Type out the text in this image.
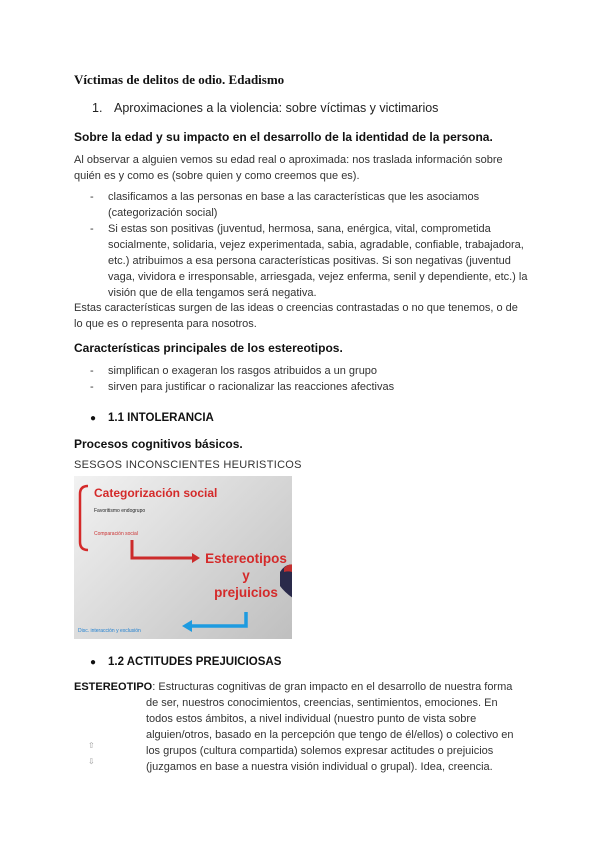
Víctimas de delitos de odio. Edadismo
1. Aproximaciones a la violencia: sobre víctimas y victimarios
Sobre la edad y su impacto en el desarrollo de la identidad de la persona.

Al observar a alguien vemos su edad real o aproximada: nos traslada información sobre quién es y como es (sobre quien y como creemos que es).

- clasificamos a las personas en base a las características que les asociamos (categorización social)
- Si estas son positivas (juventud, hermosa, sana, enérgica, vital, comprometida socialmente, solidaria, vejez experimentada, sabia, agradable, confiable, trabajadora, etc.) atribuimos a esa persona características positivas. Si son negativas (juventud vaga, vividora e irresponsable, arriesgada, vejez enferma, senil y dependiente, etc.) la visión que de ella tengamos será negativa.

Estas características surgen de las ideas o creencias contrastadas o no que tenemos, o de lo que es o representa para nosotros.

Características principales de los estereotipos.
- simplifican o exageran los rasgos atribuidos a un grupo
- sirven para justificar o racionalizar las reacciones afectivas
● 1.1 INTOLERANCIA
Procesos cognitivos básicos.
SESGOS INCONSCIENTES HEURISTICOS
Categorización social
Favoritismo endogrupo
Comparación social
Estereotipos
y
prejuicios
Disc. interacción y exclusión
● 1.2 ACTITUDES PREJUICIOSAS
ESTEREOTIPO: Estructuras cognitivas de gran impacto en el desarrollo de nuestra forma
de ser, nuestros conocimientos, creencias, sentimientos, emociones. En
todos estos ámbitos, a nivel individual (nuestro punto de vista sobre
alguien/otros, basado en la percepción que tengo de él/ellos) o colectivo en
los grupos (cultura compartida) solemos expresar actitudes o prejuicios
(juzgamos en base a nuestra visión individual o grupal). Idea, creencia.
⇧
⇩
